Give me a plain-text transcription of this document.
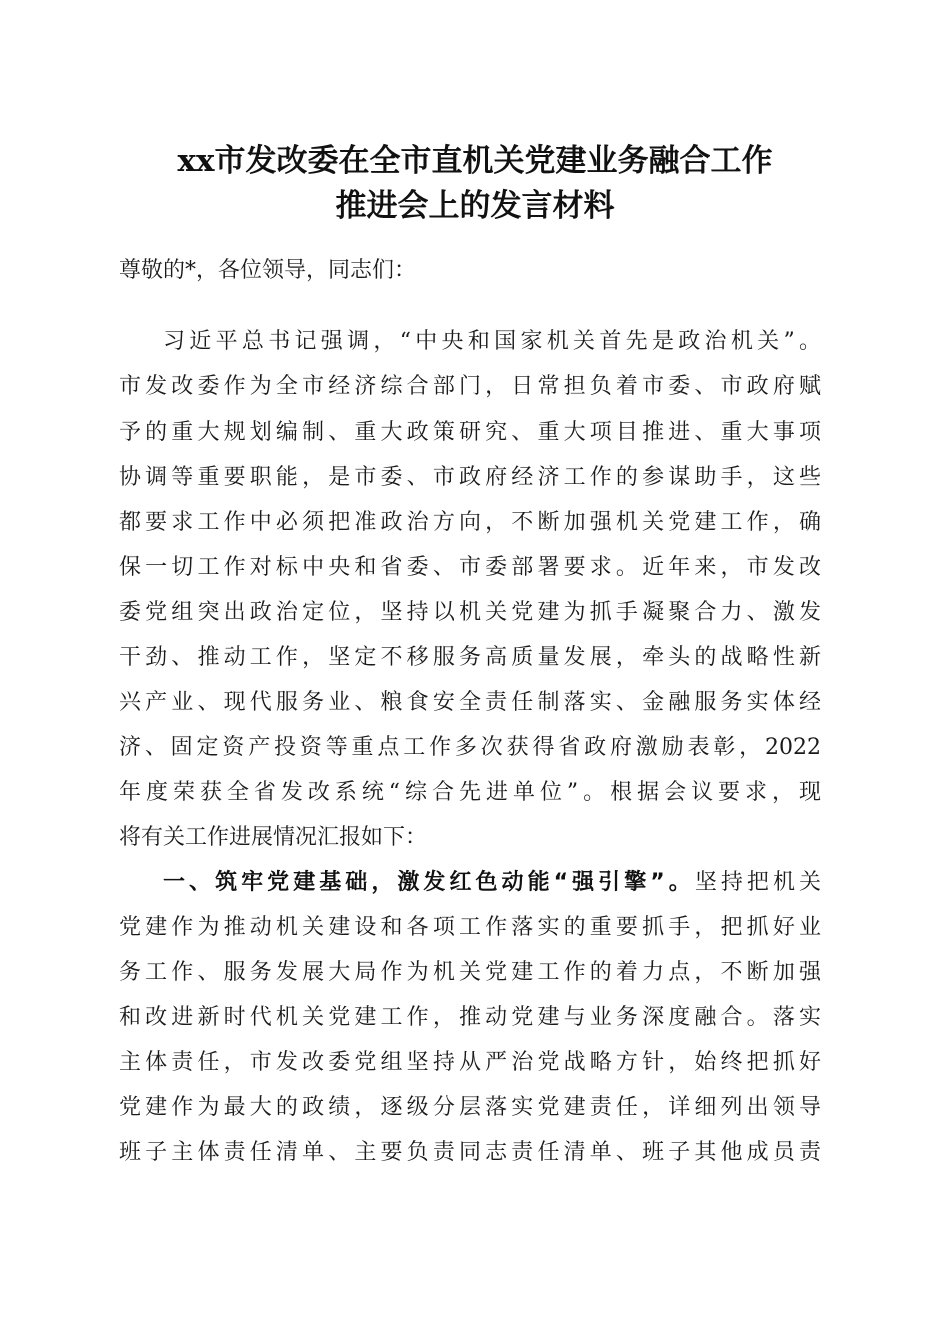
xx市发改委在全市直机关党建业务融合工作
推进会上的发言材料
尊敬的*，各位领导，同志们：
习近平总书记强调，“中央和国家机关首先是政治机关”。
市发改委作为全市经济综合部门，日常担负着市委、市政府赋
予的重大规划编制、重大政策研究、重大项目推进、重大事项
协调等重要职能，是市委、市政府经济工作的参谋助手，这些
都要求工作中必须把准政治方向，不断加强机关党建工作，确
保一切工作对标中央和省委、市委部署要求。近年来，市发改
委党组突出政治定位，坚持以机关党建为抓手凝聚合力、激发
干劲、推动工作，坚定不移服务高质量发展，牵头的战略性新
兴产业、现代服务业、粮食安全责任制落实、金融服务实体经
济、固定资产投资等重点工作多次获得省政府激励表彰，2022
年度荣获全省发改系统“综合先进单位”。根据会议要求，现
将有关工作进展情况汇报如下：
一、筑牢党建基础，激发红色动能“强引擎”。坚持把机关
党建作为推动机关建设和各项工作落实的重要抓手，把抓好业
务工作、服务发展大局作为机关党建工作的着力点，不断加强
和改进新时代机关党建工作，推动党建与业务深度融合。落实
主体责任，市发改委党组坚持从严治党战略方针，始终把抓好
党建作为最大的政绩，逐级分层落实党建责任，详细列出领导
班子主体责任清单、主要负责同志责任清单、班子其他成员责
